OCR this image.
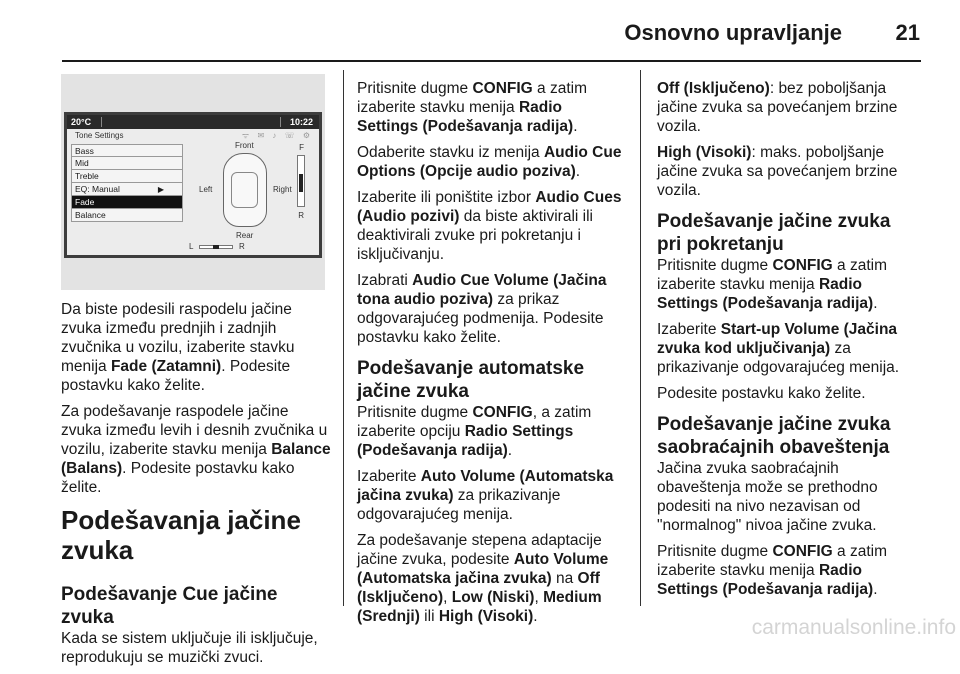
Osnovno upravljanje 21
20°C	10:22
Tone Settings	ᯤ ✉ ♪ ☏ ⚙
Bass
Mid
Treble
EQ: Manual	▶
Fade
Balance
Front
Left	Right
Rear
F
R
L	R

Da biste podesili raspodelu jačine zvuka između prednjih i zadnjih zvučnika u vozilu, izaberite stavku menija Fade (Zatamni). Podesite postavku kako želite.

Za podešavanje raspodele jačine zvuka između levih i desnih zvučnika u vozilu, izaberite stavku menija Balance (Balans). Podesite postavku kako želite.

Podešavanja jačine zvuka
Podešavanje Cue jačine zvuka

Kada se sistem uključuje ili isključuje, reprodukuju se muzički zvuci.

Pritisnite dugme CONFIG a zatim izaberite stavku menija Radio Settings (Podešavanja radija).

Odaberite stavku iz menija Audio Cue Options (Opcije audio poziva).

Izaberite ili poništite izbor Audio Cues (Audio pozivi) da biste aktivirali ili deaktivirali zvuke pri pokretanju i isključivanju.

Izabrati Audio Cue Volume (Jačina tona audio poziva) za prikaz odgovarajućeg podmenija. Podesite postavku kako želite.

Podešavanje automatske jačine zvuka

Pritisnite dugme CONFIG, a zatim izaberite opciju Radio Settings (Podešavanja radija).

Izaberite Auto Volume (Automatska jačina zvuka) za prikazivanje odgovarajućeg menija.

Za podešavanje stepena adaptacije jačine zvuka, podesite Auto Volume (Automatska jačina zvuka) na Off (Isključeno), Low (Niski), Medium (Srednji) ili High (Visoki).

Off (Isključeno): bez poboljšanja jačine zvuka sa povećanjem brzine vozila.

High (Visoki): maks. poboljšanje jačine zvuka sa povećanjem brzine vozila.

Podešavanje jačine zvuka pri pokretanju

Pritisnite dugme CONFIG a zatim izaberite stavku menija Radio Settings (Podešavanja radija).

Izaberite Start-up Volume (Jačina zvuka kod uključivanja) za prikazivanje odgovarajućeg menija.

Podesite postavku kako želite.

Podešavanje jačine zvuka saobraćajnih obaveštenja

Jačina zvuka saobraćajnih obaveštenja može se prethodno podesiti na nivo nezavisan od "normalnog" nivoa jačine zvuka.

Pritisnite dugme CONFIG a zatim izaberite stavku menija Radio Settings (Podešavanja radija).

carmanualsonline.info
